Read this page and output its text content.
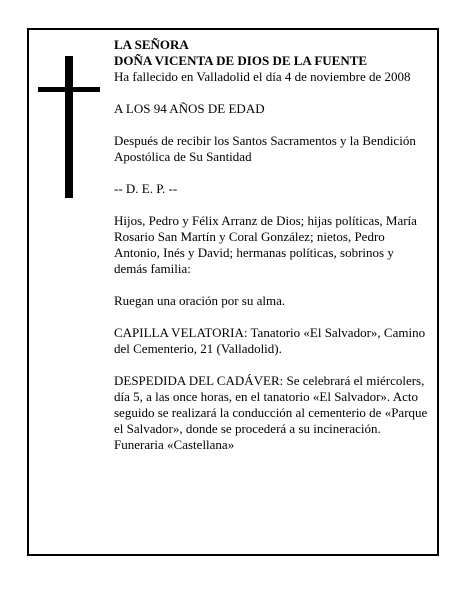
LA SEÑORA

DOÑA VICENTA DE DIOS DE LA FUENTE

Ha fallecido en Valladolid el día 4 de noviembre de 2008

A LOS 94 AÑOS DE EDAD

Después de recibir los Santos Sacramentos y la Bendición Apostólica de Su Santidad

-- D. E. P. --

Hijos, Pedro y Félix Arranz de Dios; hijas políticas, María Rosario San Martín y Coral González; nietos, Pedro Antonio, Inés y David; hermanas políticas, sobrinos y demás familia:

Ruegan una oración por su alma.

CAPILLA VELATORIA: Tanatorio «El Salvador», Camino del Cementerio, 21 (Valladolid).

DESPEDIDA DEL CADÁVER: Se celebrará el miércolers, día 5, a las once horas, en el tanatorio «El Salvador». Acto seguido se realizará la conducción al cementerio de «Parque el Salvador», donde se procederá a su incineración.

Funeraria «Castellana»
